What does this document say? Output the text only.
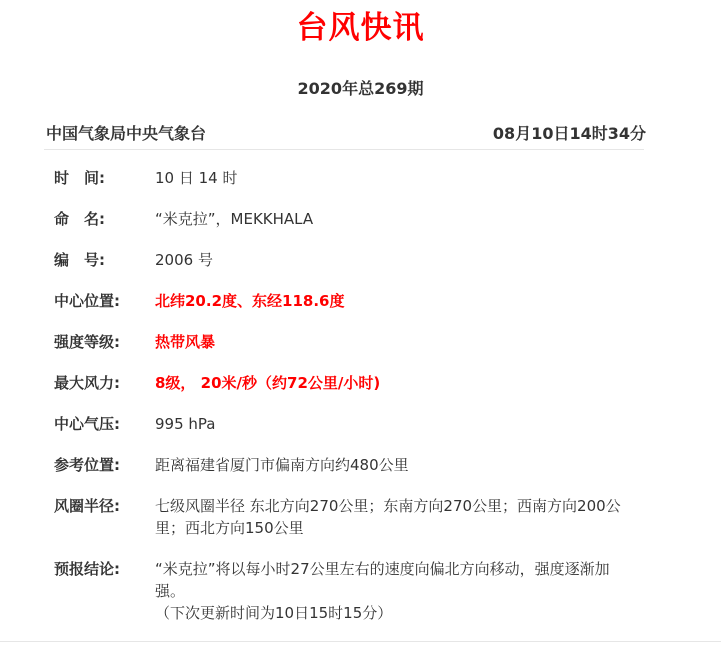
台风快讯
2020年总269期
中国气象局中央气象台	08月10日14时34分
时　间:	10 日 14 时
命　名:	“米克拉”，MEKKHALA
编　号:	2006 号
中心位置:	北纬20.2度、东经118.6度
强度等级:	热带风暴
最大风力:	8级， 20米/秒（约72公里/小时)
中心气压:	995 hPa
参考位置:	距离福建省厦门市偏南方向约480公里
风圈半径:	七级风圈半径 东北方向270公里；东南方向270公里；西南方向200公里；西北方向150公里
预报结论:	“米克拉”将以每小时27公里左右的速度向偏北方向移动，强度逐渐加强。

（下次更新时间为10日15时15分）
